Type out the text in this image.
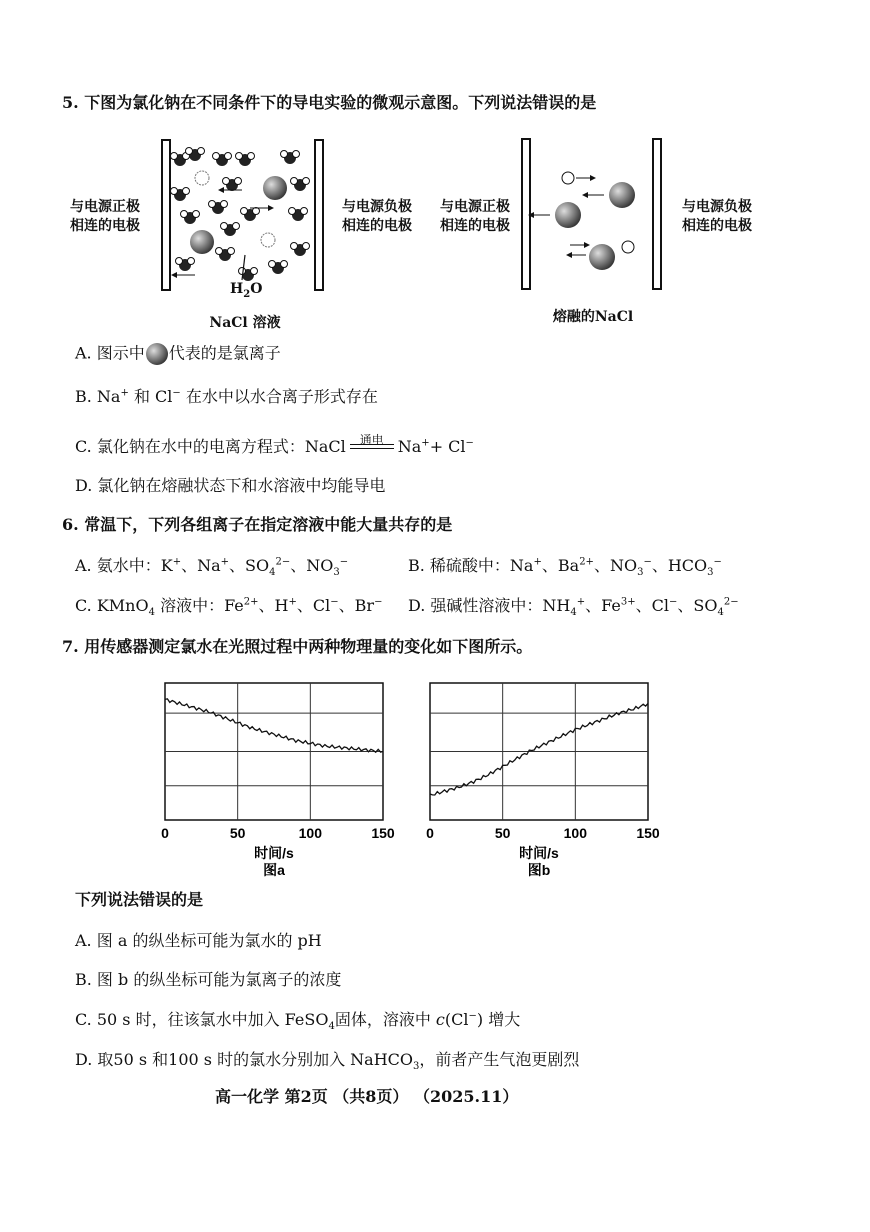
5. 下图为氯化钠在不同条件下的导电实验的微观示意图。下列说法错误的是
与电源正极
相连的电极
与电源负极
相连的电极
$H_2O$
NaCl 溶液
与电源正极
相连的电极
与电源负极
相连的电极
熔融的NaCl
A. 图示中 代表的是氯离子
B. Na+ 和 Cl− 在水中以水合离子形式存在
C. 氯化钠在水中的电离方程式：NaCl	通电 Na++ Cl−
D. 氯化钠在熔融状态下和水溶液中均能导电
6. 常温下，下列各组离子在指定溶液中能大量共存的是
A. 氨水中：K+、Na+、$SO_4^{2-}$、$NO_3^-$	B. 稀硫酸中：Na+、$Ba^{2+}$、$NO_3^-$、$HCO_3^-$
C. KMnO$_4$ 溶液中：$Fe^{2+}$、H+、Cl−、Br− D. 强碱性溶液中：$NH_4^+$、$Fe^{3+}$、Cl−、$SO_4^{2-}$
7. 用传感器测定氯水在光照过程中两种物理量的变化如下图所示。
0	50	100	150
时间/s
图a
0	50	100	150
时间/s
图b
下列说法错误的是
A. 图 a 的纵坐标可能为氯水的 pH
B. 图 b 的纵坐标可能为氯离子的浓度
C. 50 s 时，往该氯水中加入 FeSO$_4$固体，溶液中 c(Cl−) 增大
D. 取50 s 和100 s 时的氯水分别加入 NaHCO$_3$，前者产生气泡更剧烈
高一化学 第2页 （共8页） （2025.11）
